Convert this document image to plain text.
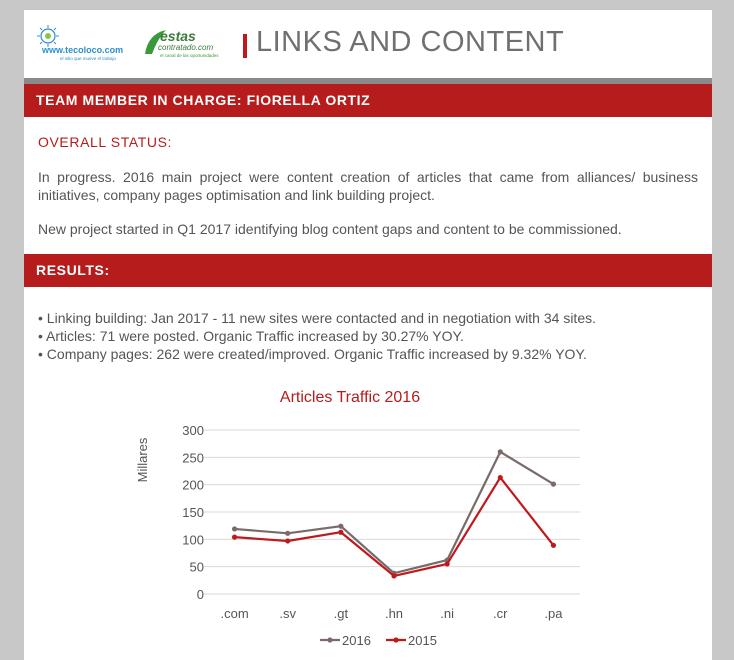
www.tecoloco.com
el sitio que mueve el trabajo
estas
contratado.com
el canal de las oportunidades LINKS AND CONTENT
TEAM MEMBER IN CHARGE: FIORELLA ORTIZ
OVERALL STATUS:
In progress. 2016 main project were content creation of articles that came from alliances/ business initiatives, company pages optimisation and link building project.
New project started in Q1 2017 identifying blog content gaps and content to be commissioned.
RESULTS:
• Linking building: Jan 2017 - 11 new sites were contacted and in negotiation with 34 sites.
• Articles: 71 were posted. Organic Traffic increased by 30.27% YOY.
• Company pages: 262 were created/improved. Organic Traffic increased by 9.32% YOY.
Articles Traffic 2016
Millares
0
50
100
150
200
250
300
.com .sv	.gt	.hn	.ni	.cr	.pa
2016	2015
